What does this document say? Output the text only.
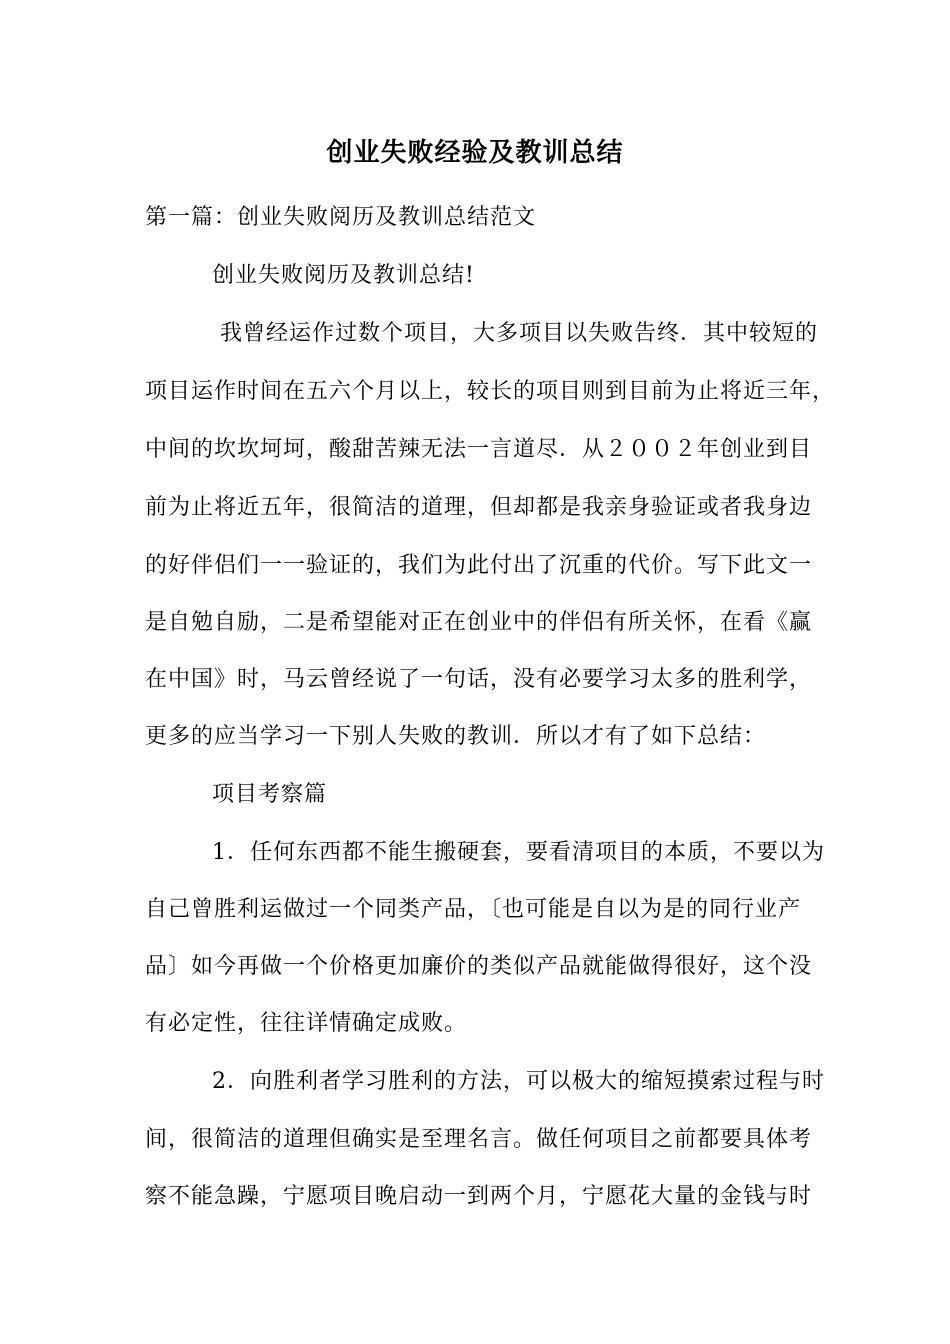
创业失败经验及教训总结
第一篇：创业失败阅历及教训总结范文
创业失败阅历及教训总结!
我曾经运作过数个项目，大多项目以失败告终．其中较短的
项目运作时间在五六个月以上，较长的项目则到目前为止将近三年，
中间的坎坎坷坷，酸甜苦辣无法一言道尽．从２００２年创业到目
前为止将近五年，很简洁的道理，但却都是我亲身验证或者我身边
的好伴侣们一一验证的，我们为此付出了沉重的代价。写下此文一
是自勉自励，二是希望能对正在创业中的伴侣有所关怀，在看《赢
在中国》时，马云曾经说了一句话，没有必要学习太多的胜利学，
更多的应当学习一下别人失败的教训．所以才有了如下总结：
项目考察篇
1．任何东西都不能生搬硬套，要看清项目的本质，不要以为
自己曾胜利运做过一个同类产品，〔也可能是自以为是的同行业产
品〕如今再做一个价格更加廉价的类似产品就能做得很好，这个没
有必定性，往往详情确定成败。
2．向胜利者学习胜利的方法，可以极大的缩短摸索过程与时
间，很简洁的道理但确实是至理名言。做任何项目之前都要具体考
察不能急躁，宁愿项目晚启动一到两个月，宁愿花大量的金钱与时
